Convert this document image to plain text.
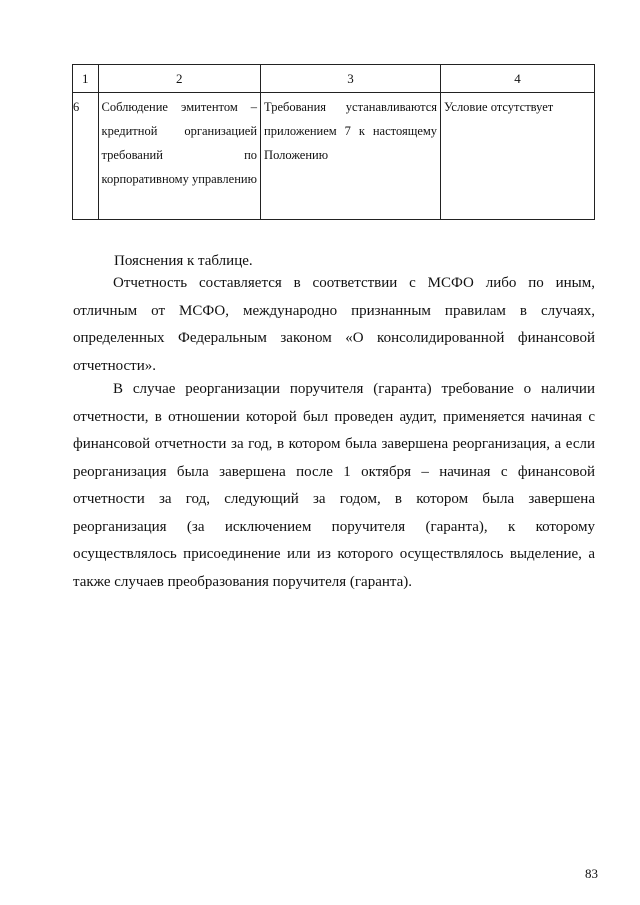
1	2	3	4
6	Соблюдение эмитентом – кредитной организацией требований по корпоративному управлению	Требования устанавливаются приложением 7 к настоящему Положению	Условие отсутствует
Пояснения к таблице.

Отчетность составляется в соответствии с МСФО либо по иным, отличным от МСФО, международно признанным правилам в случаях, определенных Федеральным законом «О консолидированной финансовой отчетности».

В случае реорганизации поручителя (гаранта) требование о наличии отчетности, в отношении которой был проведен аудит, применяется начиная с финансовой отчетности за год, в котором была завершена реорганизация, а если реорганизация была завершена после 1 октября – начиная с финансовой отчетности за год, следующий за годом, в котором была завершена реорганизация (за исключением поручителя (гаранта), к которому осуществлялось присоединение или из которого осуществлялось выделение, а также случаев преобразования поручителя (гаранта).

83
